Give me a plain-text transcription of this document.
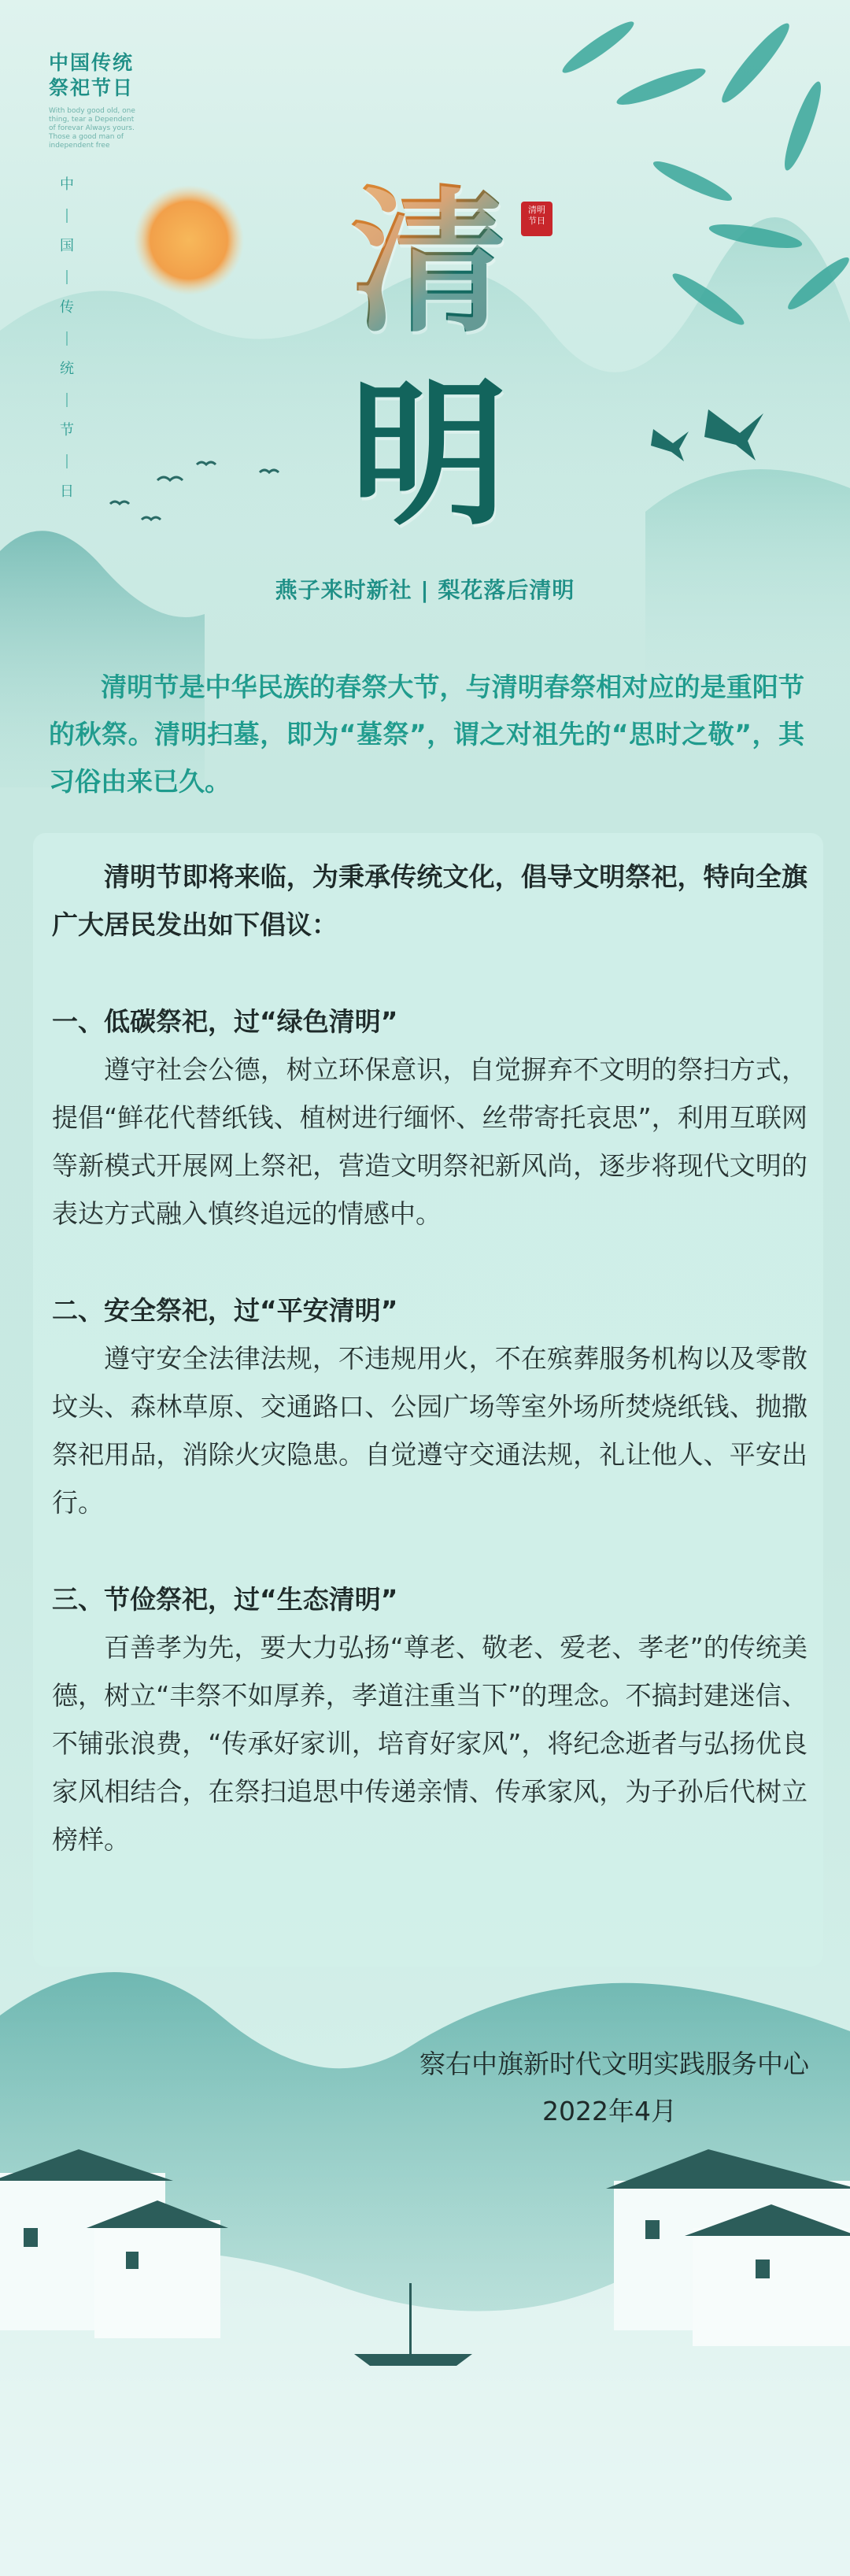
中国传统
祭祀节日
With body good old, one thing, tear a Dependent of forevar Always yours. Those a good man of independent free
中
国
传
统
节
日
清
明
清明
节日
燕子来时新社 | 梨花落后清明
清明节是中华民族的春祭大节，与清明春祭相对应的是重阳节的秋祭。清明扫墓，即为“墓祭”，谓之对祖先的“思时之敬”，其习俗由来已久。

清明节即将来临，为秉承传统文化，倡导文明祭祀，特向全旗广大居民发出如下倡议：

一、低碳祭祀，过“绿色清明”

遵守社会公德，树立环保意识，自觉摒弃不文明的祭扫方式，提倡“鲜花代替纸钱、植树进行缅怀、丝带寄托哀思”，利用互联网等新模式开展网上祭祀，营造文明祭祀新风尚，逐步将现代文明的表达方式融入慎终追远的情感中。

二、安全祭祀，过“平安清明”

遵守安全法律法规，不违规用火，不在殡葬服务机构以及零散坟头、森林草原、交通路口、公园广场等室外场所焚烧纸钱、抛撒祭祀用品，消除火灾隐患。自觉遵守交通法规，礼让他人、平安出行。

三、节俭祭祀，过“生态清明”

百善孝为先，要大力弘扬“尊老、敬老、爱老、孝老”的传统美德，树立“丰祭不如厚养，孝道注重当下”的理念。不搞封建迷信、不铺张浪费，“传承好家训，培育好家风”，将纪念逝者与弘扬优良家风相结合，在祭扫追思中传递亲情、传承家风，为子孙后代树立榜样。

察右中旗新时代文明实践服务中心

2022年4月
